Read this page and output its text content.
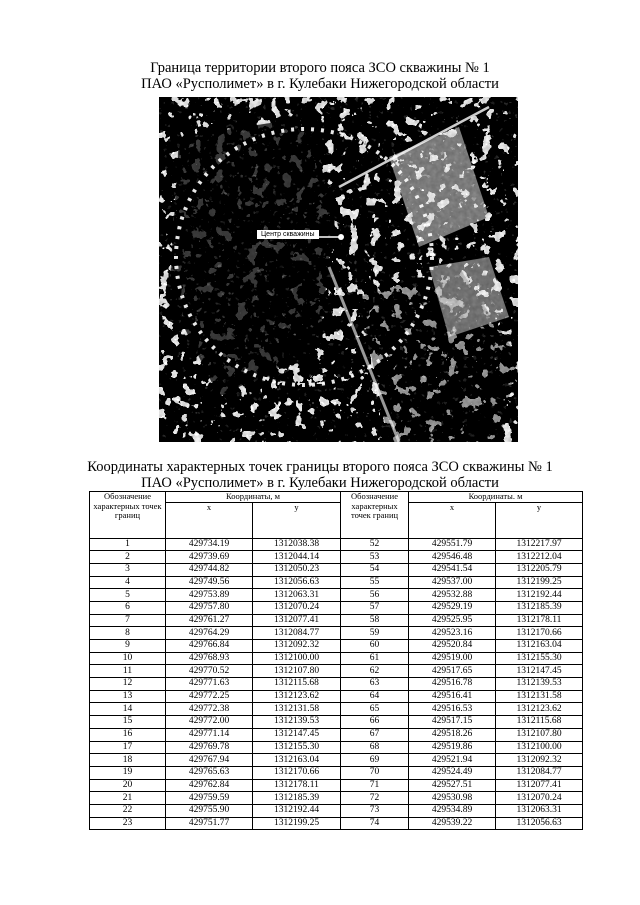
Граница территории второго пояса ЗСО скважины № 1
ПАО «Русполимет» в г. Кулебаки Нижегородской области
Центр скважины
Координаты характерных точек границы второго пояса ЗСО скважины № 1
ПАО «Русполимет» в г. Кулебаки Нижегородской области
Обозначение характерных точек границ	Координаты, м		Обозначение характерных точек границ	Координаты. м	
	x	y		x	y
1	429734.19	1312038.38	52	429551.79	1312217.97
2	429739.69	1312044.14	53	429546.48	1312212.04
3	429744.82	1312050.23	54	429541.54	1312205.79
4	429749.56	1312056.63	55	429537.00	1312199.25
5	429753.89	1312063.31	56	429532.88	1312192.44
6	429757.80	1312070.24	57	429529.19	1312185.39
7	429761.27	1312077.41	58	429525.95	1312178.11
8	429764.29	1312084.77	59	429523.16	1312170.66
9	429766.84	1312092.32	60	429520.84	1312163.04
10	429768.93	1312100.00	61	429519.00	1312155.30
11	429770.52	1312107.80	62	429517.65	1312147.45
12	429771.63	1312115.68	63	429516.78	1312139.53
13	429772.25	1312123.62	64	429516.41	1312131.58
14	429772.38	1312131.58	65	429516.53	1312123.62
15	429772.00	1312139.53	66	429517.15	1312115.68
16	429771.14	1312147.45	67	429518.26	1312107.80
17	429769.78	1312155.30	68	429519.86	1312100.00
18	429767.94	1312163.04	69	429521.94	1312092.32
19	429765.63	1312170.66	70	429524.49	1312084.77
20	429762.84	1312178.11	71	429527.51	1312077.41
21	429759.59	1312185.39	72	429530.98	1312070.24
22	429755.90	1312192.44	73	429534.89	1312063.31
23	429751.77	1312199.25	74	429539.22	1312056.63
